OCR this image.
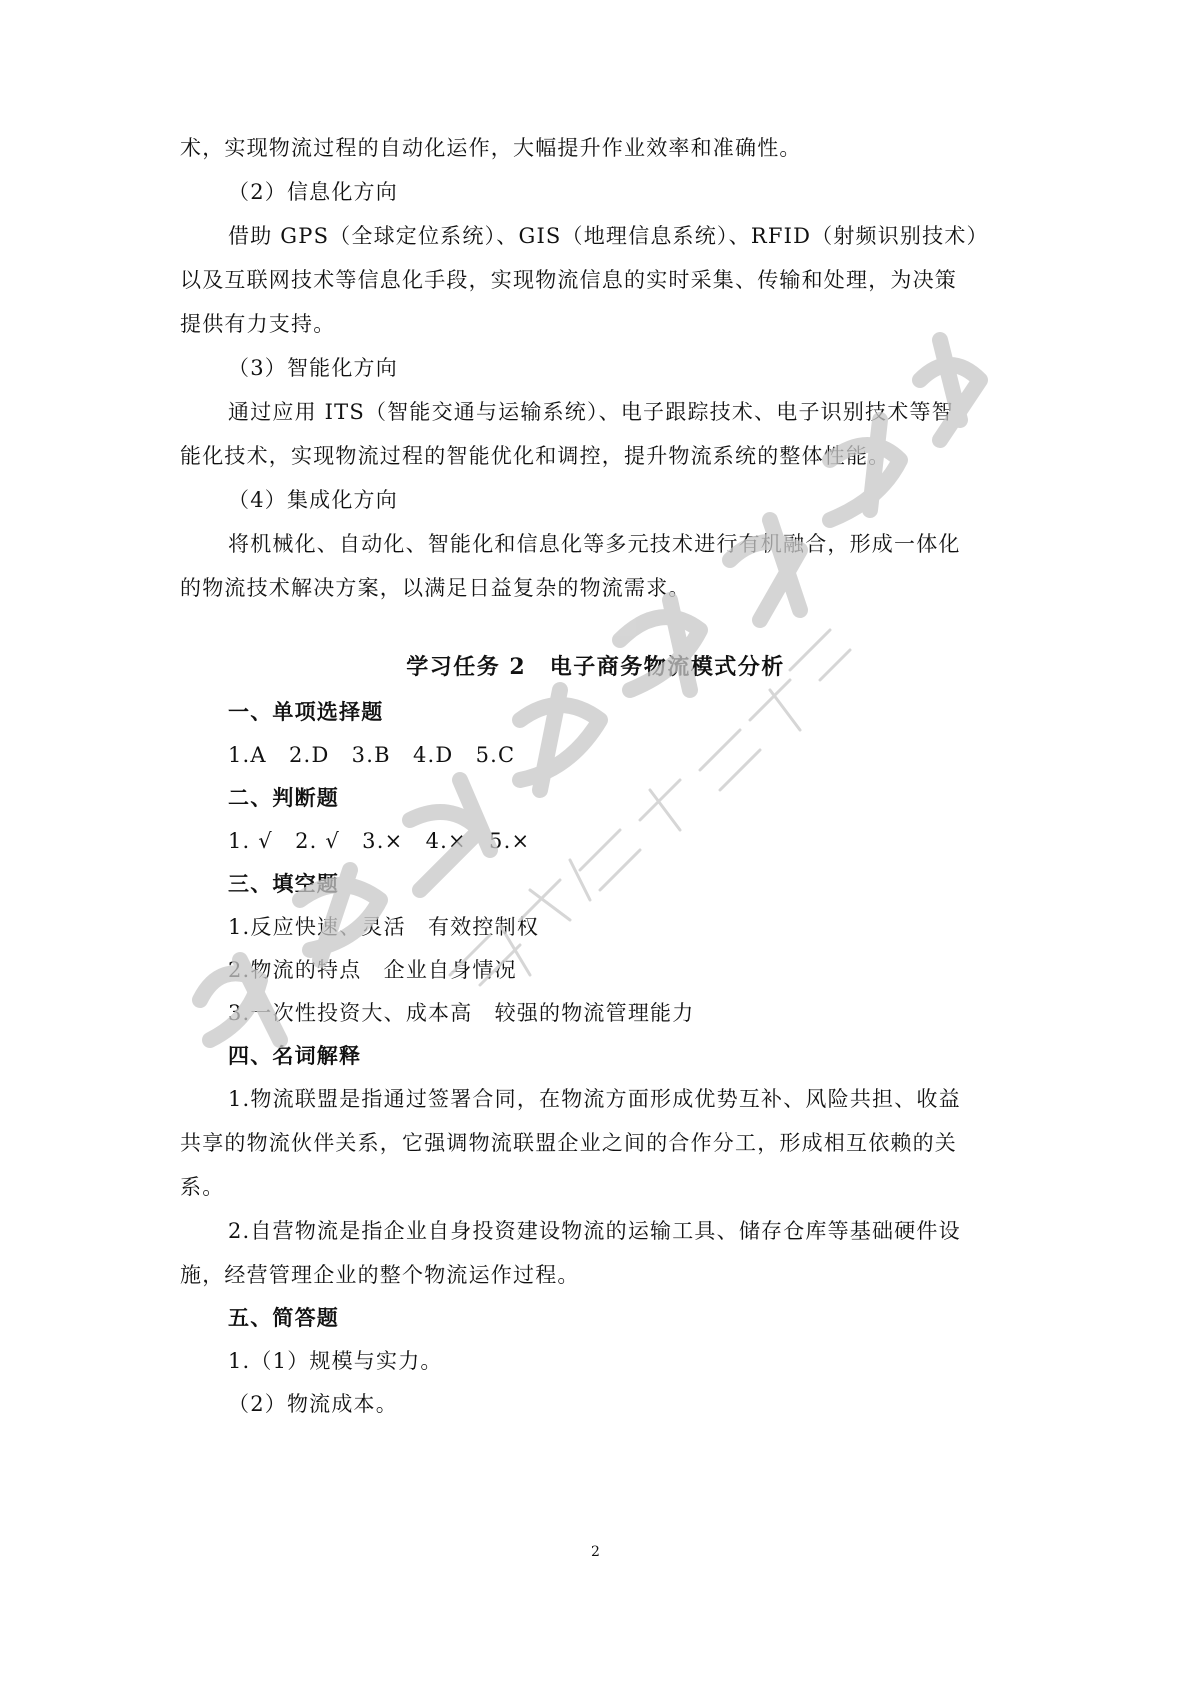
术，实现物流过程的自动化运作，大幅提升作业效率和准确性。
（2）信息化方向
借助 GPS（全球定位系统）、GIS（地理信息系统）、RFID（射频识别技术）
以及互联网技术等信息化手段，实现物流信息的实时采集、传输和处理，为决策
提供有力支持。
（3）智能化方向
通过应用 ITS（智能交通与运输系统）、电子跟踪技术、电子识别技术等智
能化技术，实现物流过程的智能优化和调控，提升物流系统的整体性能。
（4）集成化方向
将机械化、自动化、智能化和信息化等多元技术进行有机融合，形成一体化
的物流技术解决方案，以满足日益复杂的物流需求。
学习任务 2　电子商务物流模式分析
一、单项选择题
1.A　2.D　3.B　4.D　5.C
二、判断题
1. √　2. √　3.×　4.×　5.×
三、填空题
1.反应快速、灵活　有效控制权
2.物流的特点　企业自身情况
3.一次性投资大、成本高　较强的物流管理能力
四、名词解释
1.物流联盟是指通过签署合同，在物流方面形成优势互补、风险共担、收益
共享的物流伙伴关系，它强调物流联盟企业之间的合作分工，形成相互依赖的关
系。
2.自营物流是指企业自身投资建设物流的运输工具、储存仓库等基础硬件设
施，经营管理企业的整个物流运作过程。
五、简答题
1.（1）规模与实力。
（2）物流成本。
2
